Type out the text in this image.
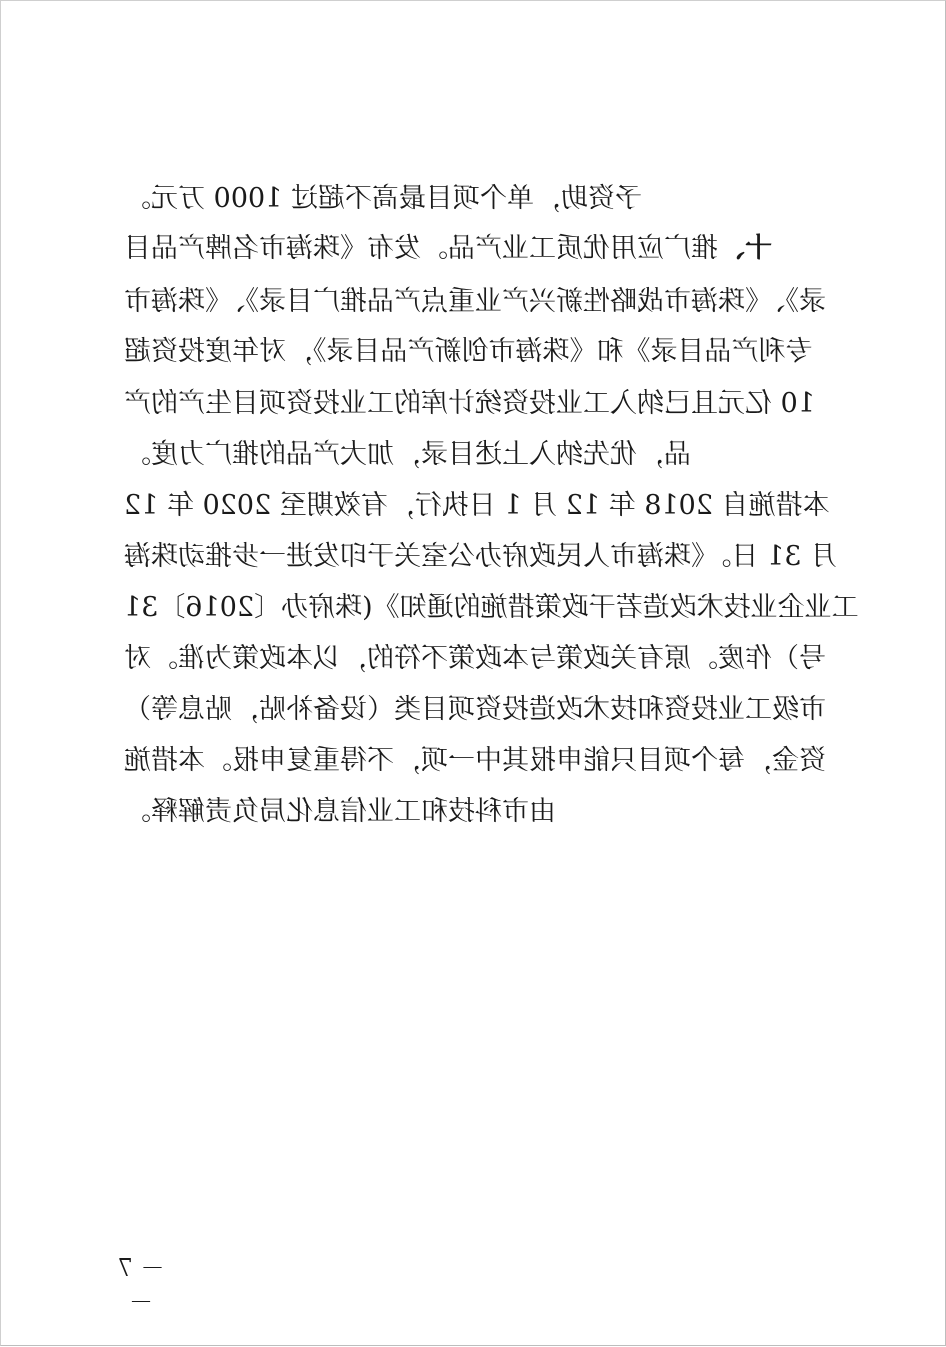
予资助，单个项目最高不超过 1000 万元。
十、推广应用优质工业产品。发布《珠海市名牌产品目
录》、《珠海市战略性新兴产业重点产品推广目录》、《珠海市
专利产品目录》和《珠海市创新产品目录》，对年度投资超
10 亿元且已纳入工业投资统计库的工业投资项目生产的产
品，优先纳入上述目录，加大产品的推广力度。
本措施自 2018 年 12 月 1 日执行，有效期至 2020 年 12
月 31 日。《珠海市人民政府办公室关于印发进一步推动珠海
工业企业技术改造若干政策措施的通知》(珠府办〔2016〕31
号）作废。原有关政策与本政策不符的，以本政策为准。对
市级工业投资和技术改造投资项目类（设备补贴，贴息等）
资金，每个项目只能申报其中一项，不得重复申报。本措施
由市科技和工业信息化局负责解释。
－ 7 －
